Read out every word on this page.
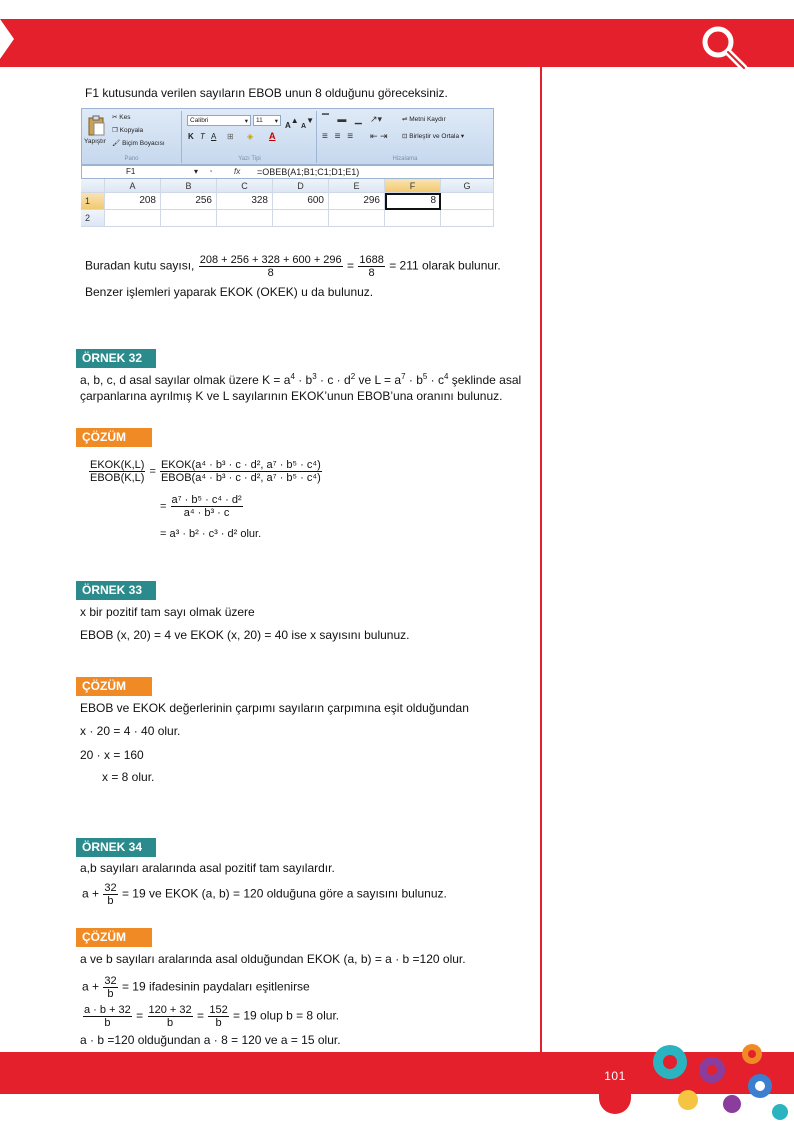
F1 kutusunda verilen sayıların EBOB unun 8 olduğunu göreceksiniz.
Yapıştır
✂ Kes
❐ Kopyala
🖌 Biçim Boyacısı
Pano
Calibri	▾	11 ▾ A▲
A▼
K T A ⊞ ◈ A
Yazı Tipi
▔ ▬ ▁ ↗▾
≡ ≡ ≡ ⇤ ⇥
⇌ Metni Kaydır
⊡ Birleştir ve Ortala ▾
Hizalama
F1	▾ ◔	fx =OBEB(A1;B1;C1;D1;E1)
A	B	C	D	E	F	G
1	208	256	328	600	296	8
2
Buradan kutu sayısı, $\frac{208 + 256 + 328 + 600 + 296}{8} = \frac{1688}{8} = 211$ olarak bulunur.
Benzer işlemleri yaparak EKOK (OKEK) u da bulunuz.
ÖRNEK 32
a, b, c, d asal sayılar olmak üzere $K = a^4 \cdot b^3 \cdot c \cdot d^2$ ve $L = a^7 \cdot b^5 \cdot c^4$ şeklinde asal
çarpanlarına ayrılmış K ve L sayılarının EKOK’unun EBOB’una oranını bulunuz.
ÇÖZÜM
$\frac{\text{EKOK(K,L)}}{\text{EBOB(K,L)}} = \frac{\text{EKOK(a⁴ · b³ · c · d², a⁷ · b⁵ · c⁴)}}{\text{EBOB(a⁴ · b³ · c · d², a⁷ · b⁵ · c⁴)}}$
= $\frac{\text{a⁷ · b⁵ · c⁴ · d²}}{\text{a⁴ · b³ · c}}$
= a³ · b² · c³ · d² olur.
ÖRNEK 33
x bir pozitif tam sayı olmak üzere
EBOB (x, 20) = 4 ve EKOK (x, 20) = 40 ise x sayısını bulunuz.
ÇÖZÜM
EBOB ve EKOK değerlerinin çarpımı sayıların çarpımına eşit olduğundan
x · 20 = 4 · 40 olur.
20 · x = 160
x = 8 olur.
ÖRNEK 34
a,b sayıları aralarında asal pozitif tam sayılardır.
$a + \frac{32}{b} = 19$ ve EKOK (a, b) = 120 olduğuna göre a sayısını bulunuz.
ÇÖZÜM
a ve b sayıları aralarında asal olduğundan EKOK (a, b) = a · b =120 olur.
$a + \frac{32}{b} = 19$ ifadesinin paydaları eşitlenirse
$\frac{a \cdot b + 32}{b} = \frac{120 + 32}{b} = \frac{152}{b} = 19$ olup b = 8 olur.
a · b =120 olduğundan a · 8 = 120 ve a = 15 olur.
101
